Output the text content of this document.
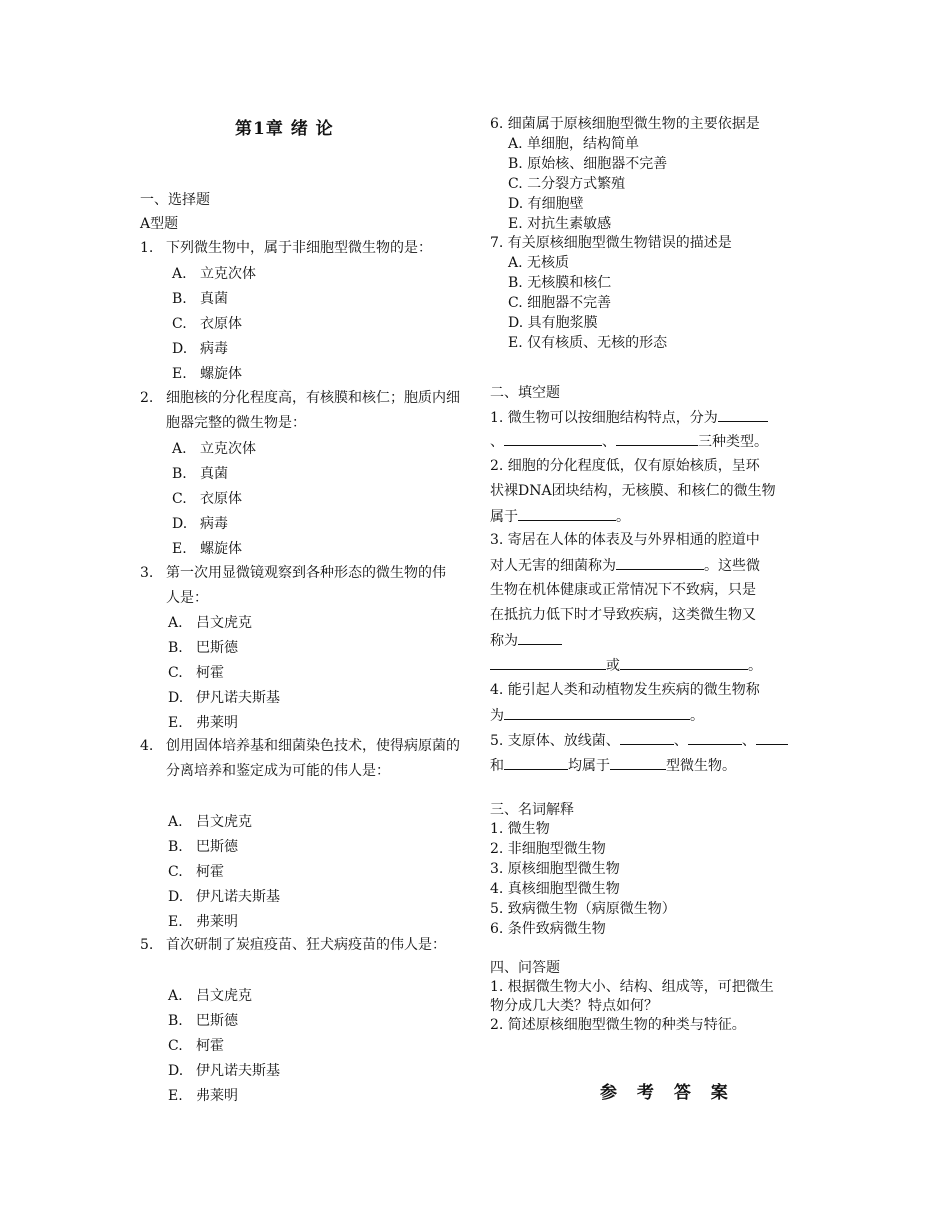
第1章 绪 论
一、选择题
A型题
1. 下列微生物中，属于非细胞型微生物的是：
2. 细胞核的分化程度高，有核膜和核仁；胞质内细胞器完整的微生物是：
3. 第一次用显微镜观察到各种形态的微生物的伟人是：
4. 创用固体培养基和细菌染色技术，使得病原菌的分离培养和鉴定成为可能的伟人是：
5. 首次研制了炭疽疫苗、狂犬病疫苗的伟人是：
A. 立克次体
B. 真菌
C. 衣原体
D. 病毒
E. 螺旋体
A. 立克次体
B. 真菌
C. 衣原体
D. 病毒
E. 螺旋体
A. 吕文虎克
B. 巴斯德
C. 柯霍
D. 伊凡诺夫斯基
E. 弗莱明
A. 吕文虎克
B. 巴斯德
C. 柯霍
D. 伊凡诺夫斯基
E. 弗莱明
A. 吕文虎克
B. 巴斯德
C. 柯霍
D. 伊凡诺夫斯基
E. 弗莱明
6. 细菌属于原核细胞型微生物的主要依据是
A. 单细胞，结构简单
B. 原始核、细胞器不完善
C. 二分裂方式繁殖
D. 有细胞壁
E. 对抗生素敏感
7. 有关原核细胞型微生物错误的描述是
A. 无核质
B. 无核膜和核仁
C. 细胞器不完善
D. 具有胞浆膜
E. 仅有核质、无核的形态
三、名词解释
1. 微生物
2. 非细胞型微生物
3. 原核细胞型微生物
4. 真核细胞型微生物
5. 致病微生物（病原微生物）
6. 条件致病微生物
四、问答题
1. 根据微生物大小、结构、组成等，可把微生
物分成几大类？特点如何？
2. 简述原核细胞型微生物的种类与特征。
二、填空题
1. 微生物可以按细胞结构特点，分为
、	、	三种类型。
2. 细胞的分化程度低，仅有原始核质，呈环
状裸DNA团块结构，无核膜、和核仁的微生物
属于	。
3. 寄居在人体的体表及与外界相通的腔道中
对人无害的细菌称为	。这些微
生物在机体健康或正常情况下不致病，只是
在抵抗力低下时才导致疾病，这类微生物又
称为
或	。
4. 能引起人类和动植物发生疾病的微生物称
为	。
5. 支原体、放线菌、	、	、
和	均属于	型微生物。
参 考 答 案
